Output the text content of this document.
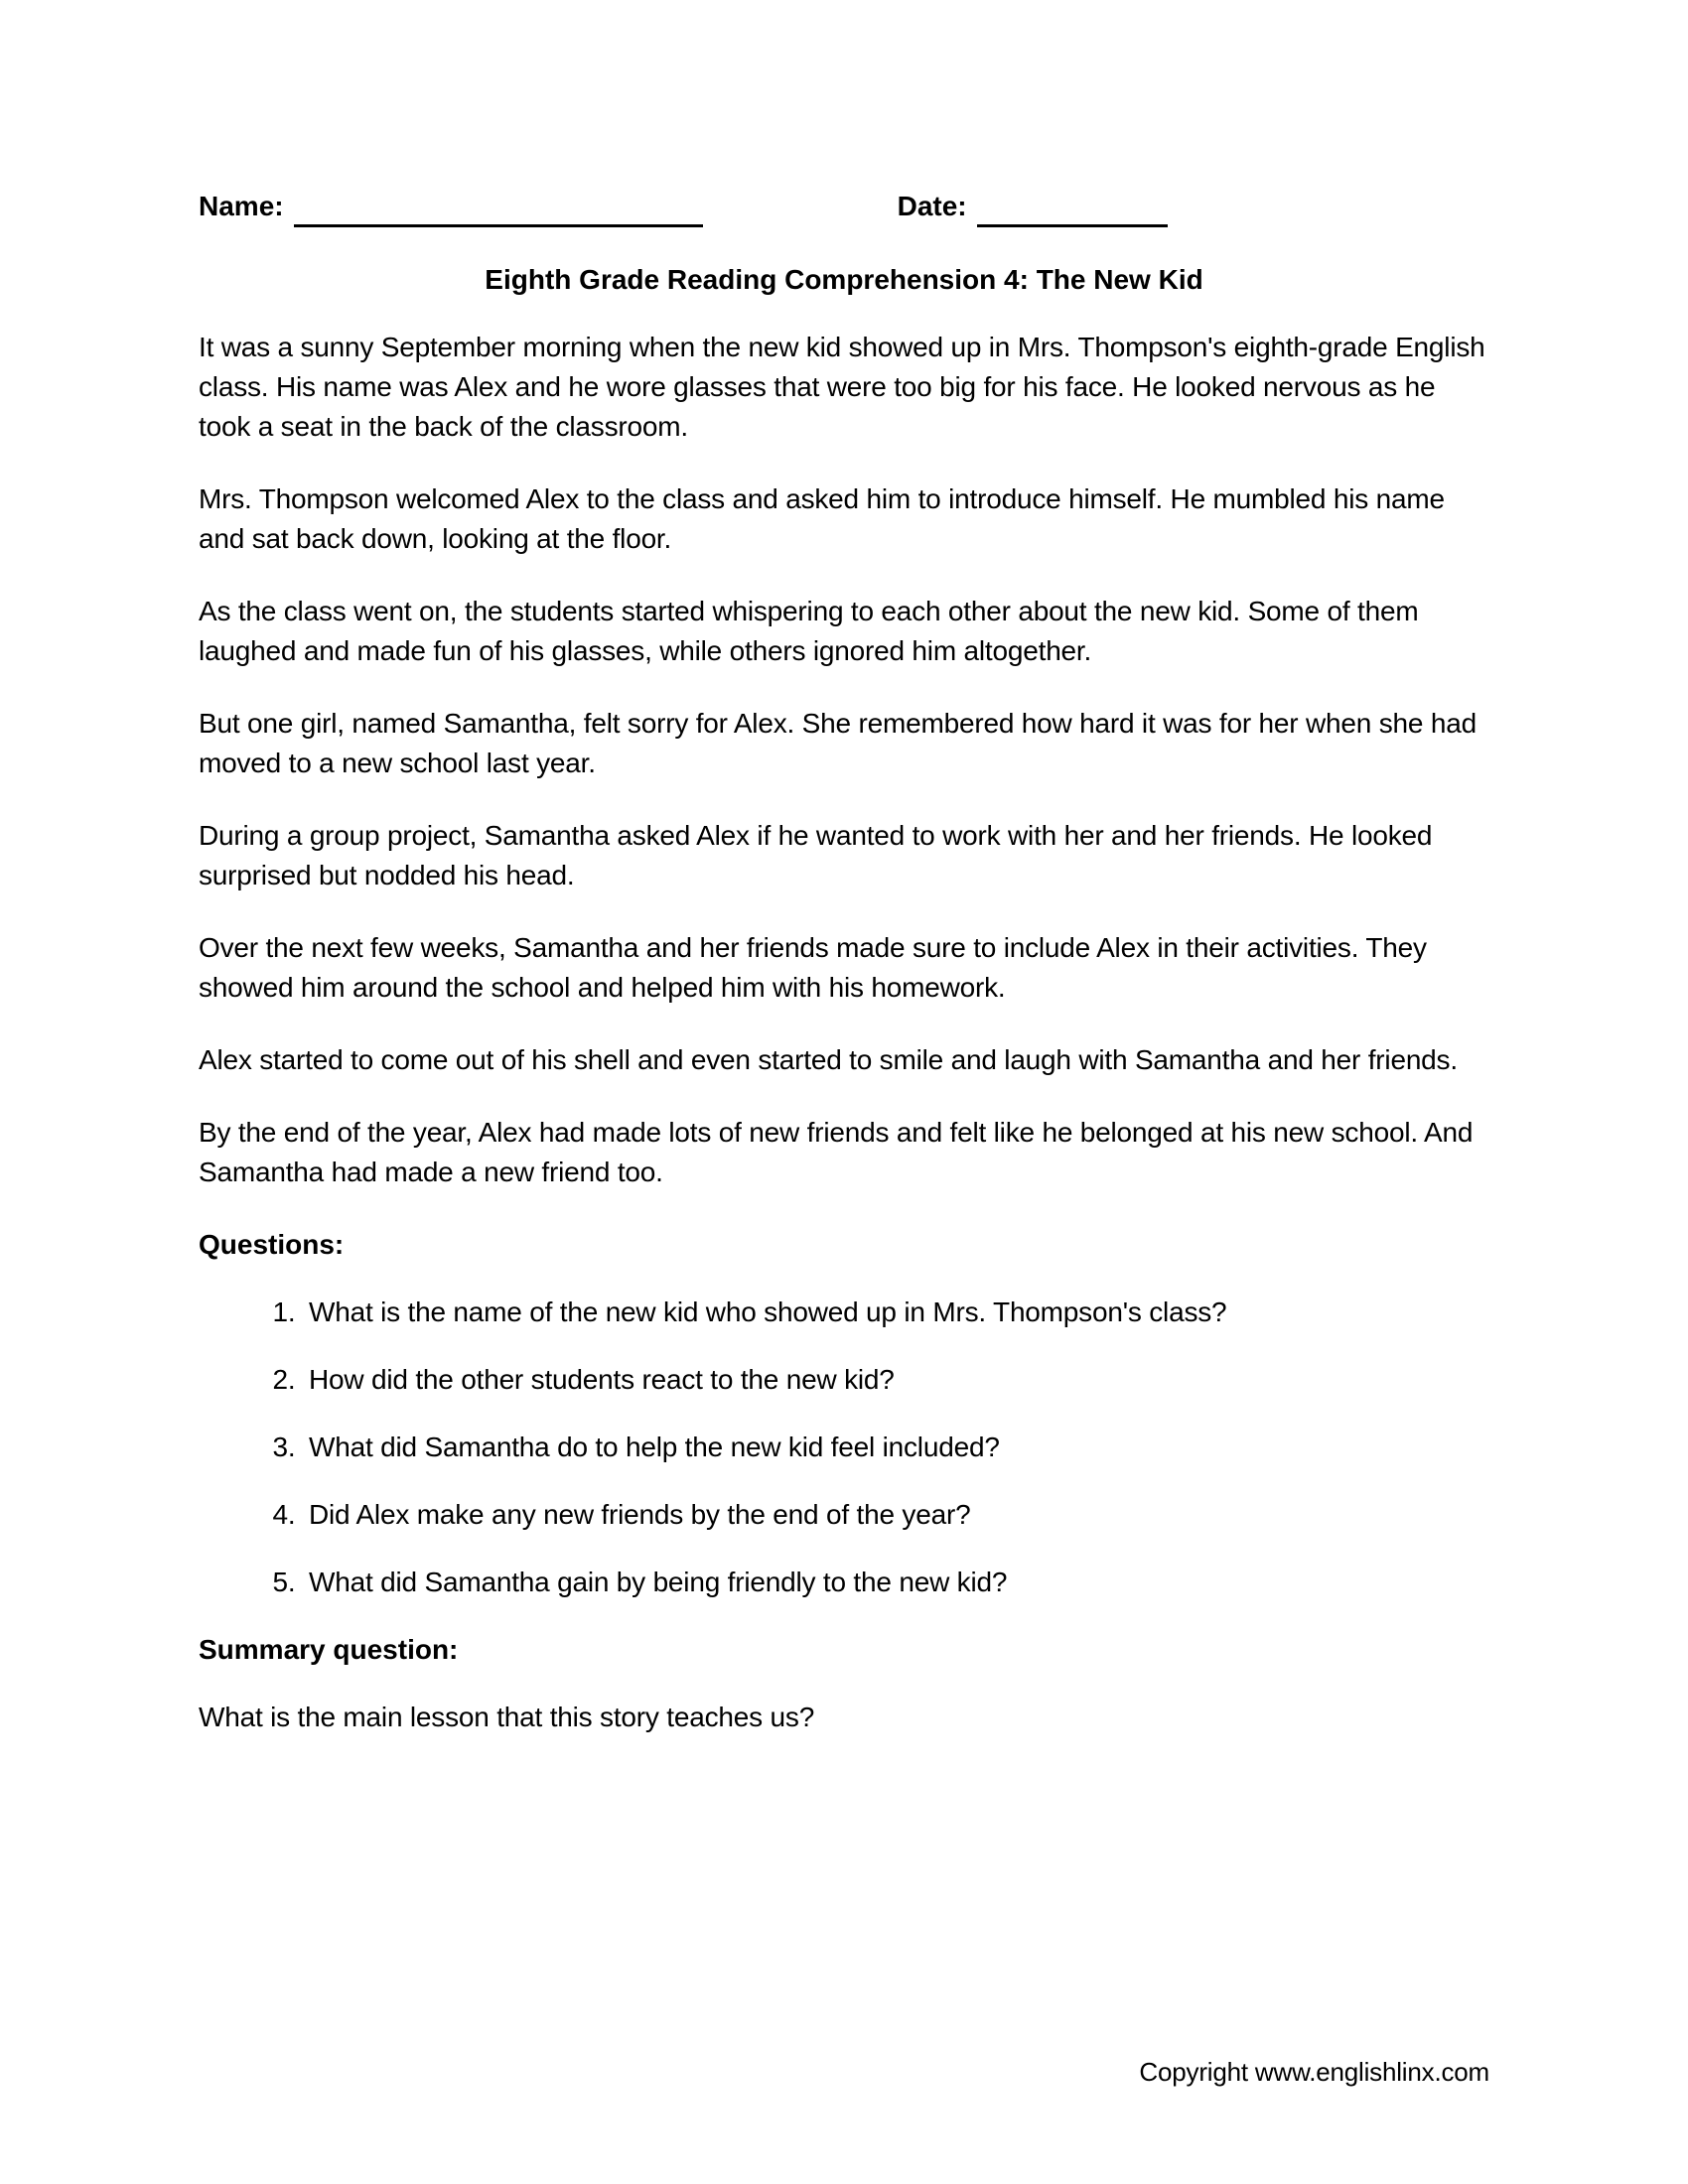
Name:	Date:
Eighth Grade Reading Comprehension 4: The New Kid

It was a sunny September morning when the new kid showed up in Mrs. Thompson's eighth-grade English class. His name was Alex and he wore glasses that were too big for his face. He looked nervous as he took a seat in the back of the classroom.

Mrs. Thompson welcomed Alex to the class and asked him to introduce himself. He mumbled his name and sat back down, looking at the floor.

As the class went on, the students started whispering to each other about the new kid. Some of them laughed and made fun of his glasses, while others ignored him altogether.

But one girl, named Samantha, felt sorry for Alex. She remembered how hard it was for her when she had moved to a new school last year.

During a group project, Samantha asked Alex if he wanted to work with her and her friends. He looked surprised but nodded his head.

Over the next few weeks, Samantha and her friends made sure to include Alex in their activities. They showed him around the school and helped him with his homework.

Alex started to come out of his shell and even started to smile and laugh with Samantha and her friends.

By the end of the year, Alex had made lots of new friends and felt like he belonged at his new school. And Samantha had made a new friend too.

Questions:
1. What is the name of the new kid who showed up in Mrs. Thompson's class?
2. How did the other students react to the new kid?
3. What did Samantha do to help the new kid feel included?
4. Did Alex make any new friends by the end of the year?
5. What did Samantha gain by being friendly to the new kid?
Summary question:

What is the main lesson that this story teaches us?

Copyright www.englishlinx.com
